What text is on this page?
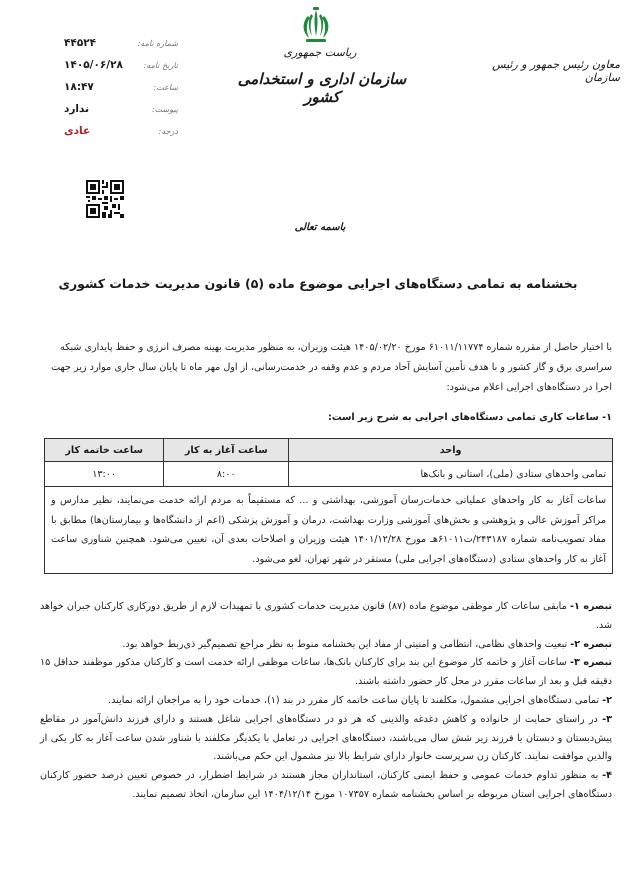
شماره نامه:
۴۴۵۲۴
تاریخ نامه:
۱۴۰۵/۰۶/۲۸
ساعت:
۱۸:۴۷
پیوست:
ندارد
درجه:
عادی
ریاست جمهوری
سازمان اداری و استخدامی کشور
معاون رئیس جمهور و رئیس سازمان
باسمه تعالی
بخشنامه به تمامی دستگاه‌های اجرایی موضوع ماده (۵) قانون مدیریت خدمات کشوری
با اختیار حاصل از مقرره شماره ۶۱۰۱۱/۱۱۷۷۴ مورخ ۱۴۰۵/۰۲/۲۰ هیئت وزیران، به منظور مدیریت بهینه مصرف انرژی و حفظ پایداری شبکه سراسری برق و گاز کشور و با هدف تأمین آسایش آحاد مردم و عدم وقفه در خدمت‌رسانی، از اول مهر ماه تا پایان سال جاری موارد زیر جهت اجرا در دستگاه‌های اجرایی اعلام می‌شود:
۱- ساعات کاری تمامی دستگاه‌های اجرایی به شرح زیر است:
واحد	ساعت آغاز به کار	ساعت خاتمه کار
تمامی واحدهای ستادی (ملی)، استانی و بانک‌ها	۸:۰۰	۱۳:۰۰
ساعات آغاز به کار واحدهای عملیاتی خدمات‌رسان آموزشی، بهداشتی و ... که مستقیماً به مردم ارائه خدمت می‌نمایند، نظیر مدارس و مراکز آموزش عالی و پژوهشی و بخش‌های آموزشی وزارت بهداشت، درمان و آموزش پزشکی (اعم از دانشگاه‌ها و بیمارستان‌ها) مطابق با مفاد تصویب‌نامه شماره ۲۴۳۱۸۷/ت۶۱۰۱۱هـ مورخ ۱۴۰۱/۱۲/۲۸ هیئت وزیران و اصلاحات بعدی آن، تعیین می‌شود. همچنین شناوری ساعت آغاز به کار واحدهای ستادی (دستگاه‌های اجرایی ملی) مستقر در شهر تهران، لغو می‌شود.		

تبصره ۱- مابقی ساعات کار موظفی موضوع ماده (۸۷) قانون مدیریت خدمات کشوری با تمهیدات لازم از طریق دورکاری کارکنان جبران خواهد شد.

تبصره ۲- تبعیت واحدهای نظامی، انتظامی و امنیتی از مفاد این بخشنامه منوط به نظر مراجع تصمیم‌گیر ذی‌ربط خواهد بود.

تبصره ۳- ساعات آغاز و خاتمه کار موضوع این بند برای کارکنان بانک‌ها، ساعات موظفی ارائه خدمت است و کارکنان مذکور موظفند حداقل ۱۵ دقیقه قبل و بعد از ساعات مقرر در محل کار حضور داشته باشند.

۲- تمامی دستگاه‌های اجرایی مشمول، مکلفند تا پایان ساعت خاتمه کار مقرر در بند (۱)، خدمات خود را به مراجعان ارائه نمایند.

۳- در راستای حمایت از خانواده و کاهش دغدغه والدینی که هر دو در دستگاه‌های اجرایی شاغل هستند و دارای فرزند دانش‌آموز در مقاطع پیش‌دبستان و دبستان یا فرزند زیر شش سال می‌باشند، دستگاه‌های اجرایی در تعامل با یکدیگر مکلفند با شناور شدن ساعت آغاز به کار یکی از والدین موافقت نمایند. کارکنان زن سرپرست خانوار دارای شرایط بالا نیز مشمول این حکم می‌باشند.

۴- به منظور تداوم خدمات عمومی و حفظ ایمنی کارکنان، استانداران مجاز هستند در شرایط اضطرار، در خصوص تعیین درصد حضور کارکنان دستگاه‌های اجرایی استان مربوطه بر اساس بخشنامه شماره ۱۰۷۳۵۷ مورخ ۱۴۰۴/۱۲/۱۴ این سازمان، اتخاذ تصمیم نمایند.
